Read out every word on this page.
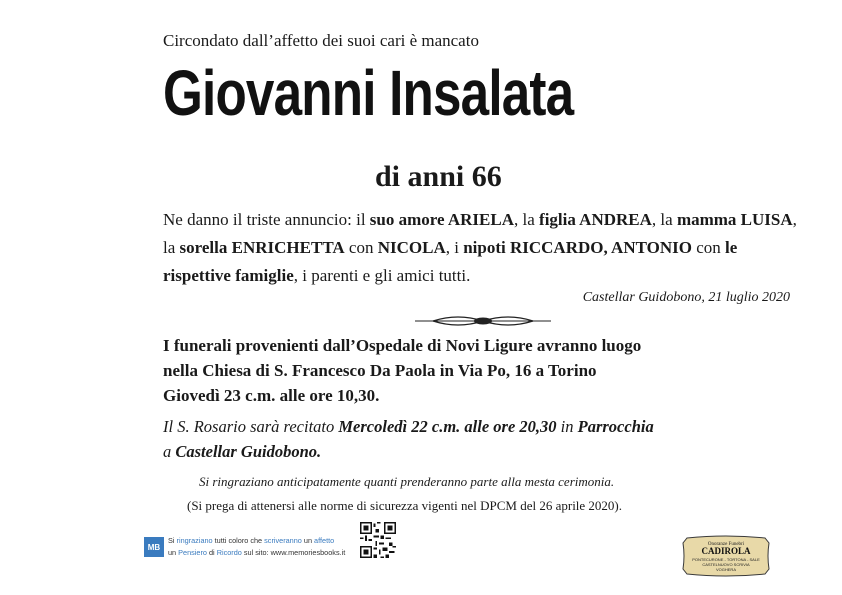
Circondato dall’affetto dei suoi cari è mancato
Giovanni Insalata
di anni 66
Ne danno il triste annuncio: il suo amore ARIELA, la figlia ANDREA, la mamma LUISA, la sorella ENRICHETTA con NICOLA, i nipoti RICCARDO, ANTONIO con le rispettive famiglie, i parenti e gli amici tutti.
Castellar Guidobono, 21 luglio 2020
I funerali provenienti dall’Ospedale di Novi Ligure avranno luogo
nella Chiesa di S. Francesco Da Paola in Via Po, 16 a Torino
Giovedì 23 c.m. alle ore 10,30.
Il S. Rosario sarà recitato Mercoledì 22 c.m. alle ore 20,30 in Parrocchia
a Castellar Guidobono.
Si ringraziano anticipatamente quanti prenderanno parte alla mesta cerimonia.
(Si prega di attenersi alle norme di sicurezza vigenti nel DPCM del 26 aprile 2020).
MB
Si ringraziano tutti coloro che scriveranno un affetto
un Pensiero di Ricordo sul sito: www.memoriesbooks.it
Onoranze Funebri
CADIROLA
PONTECURONE - TORTONA - SALE
CASTELNUOVO SCRIVIA
VOGHERA
